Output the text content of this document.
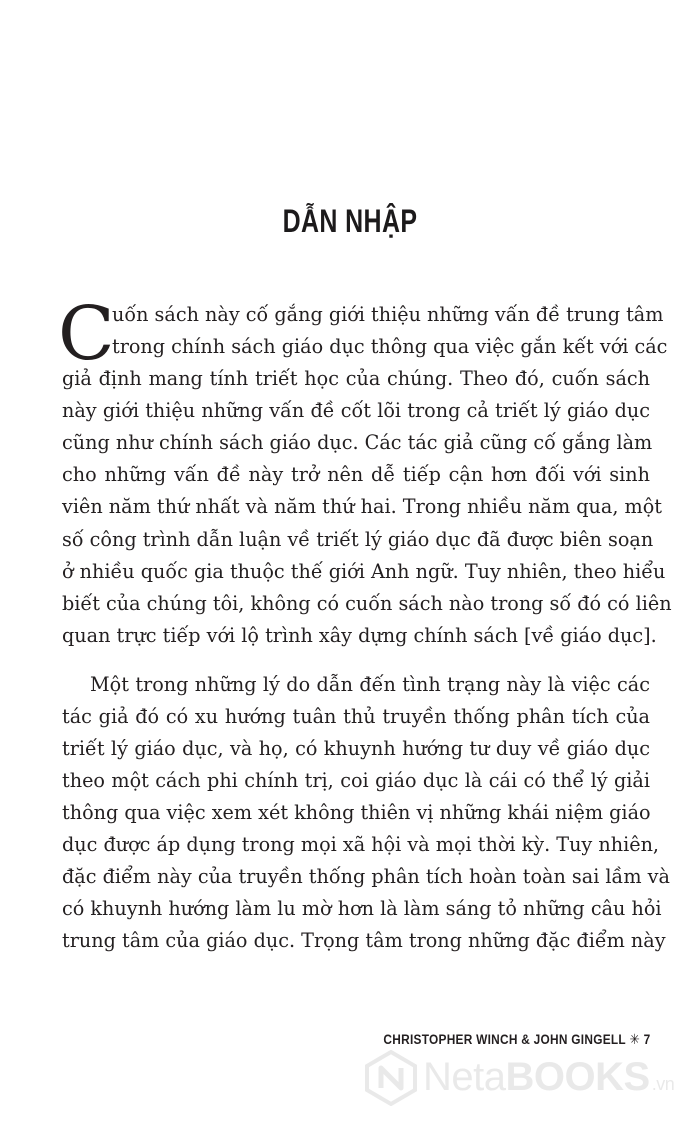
DẪN NHẬP
C
uốn sách này cố gắng giới thiệu những vấn đề trung tâm
trong chính sách giáo dục thông qua việc gắn kết với các
giả định mang tính triết học của chúng. Theo đó, cuốn sách
này giới thiệu những vấn đề cốt lõi trong cả triết lý giáo dục
cũng như chính sách giáo dục. Các tác giả cũng cố gắng làm
cho những vấn đề này trở nên dễ tiếp cận hơn đối với sinh
viên năm thứ nhất và năm thứ hai. Trong nhiều năm qua, một
số công trình dẫn luận về triết lý giáo dục đã được biên soạn
ở nhiều quốc gia thuộc thế giới Anh ngữ. Tuy nhiên, theo hiểu
biết của chúng tôi, không có cuốn sách nào trong số đó có liên
quan trực tiếp với lộ trình xây dựng chính sách [về giáo dục].
Một trong những lý do dẫn đến tình trạng này là việc các
tác giả đó có xu hướng tuân thủ truyền thống phân tích của
triết lý giáo dục, và họ, có khuynh hướng tư duy về giáo dục
theo một cách phi chính trị, coi giáo dục là cái có thể lý giải
thông qua việc xem xét không thiên vị những khái niệm giáo
dục được áp dụng trong mọi xã hội và mọi thời kỳ. Tuy nhiên,
đặc điểm này của truyền thống phân tích hoàn toàn sai lầm và
có khuynh hướng làm lu mờ hơn là làm sáng tỏ những câu hỏi
trung tâm của giáo dục. Trọng tâm trong những đặc điểm này
CHRISTOPHER WINCH & JOHN GINGELL ✳ 7
NetaBOOKS .vn
